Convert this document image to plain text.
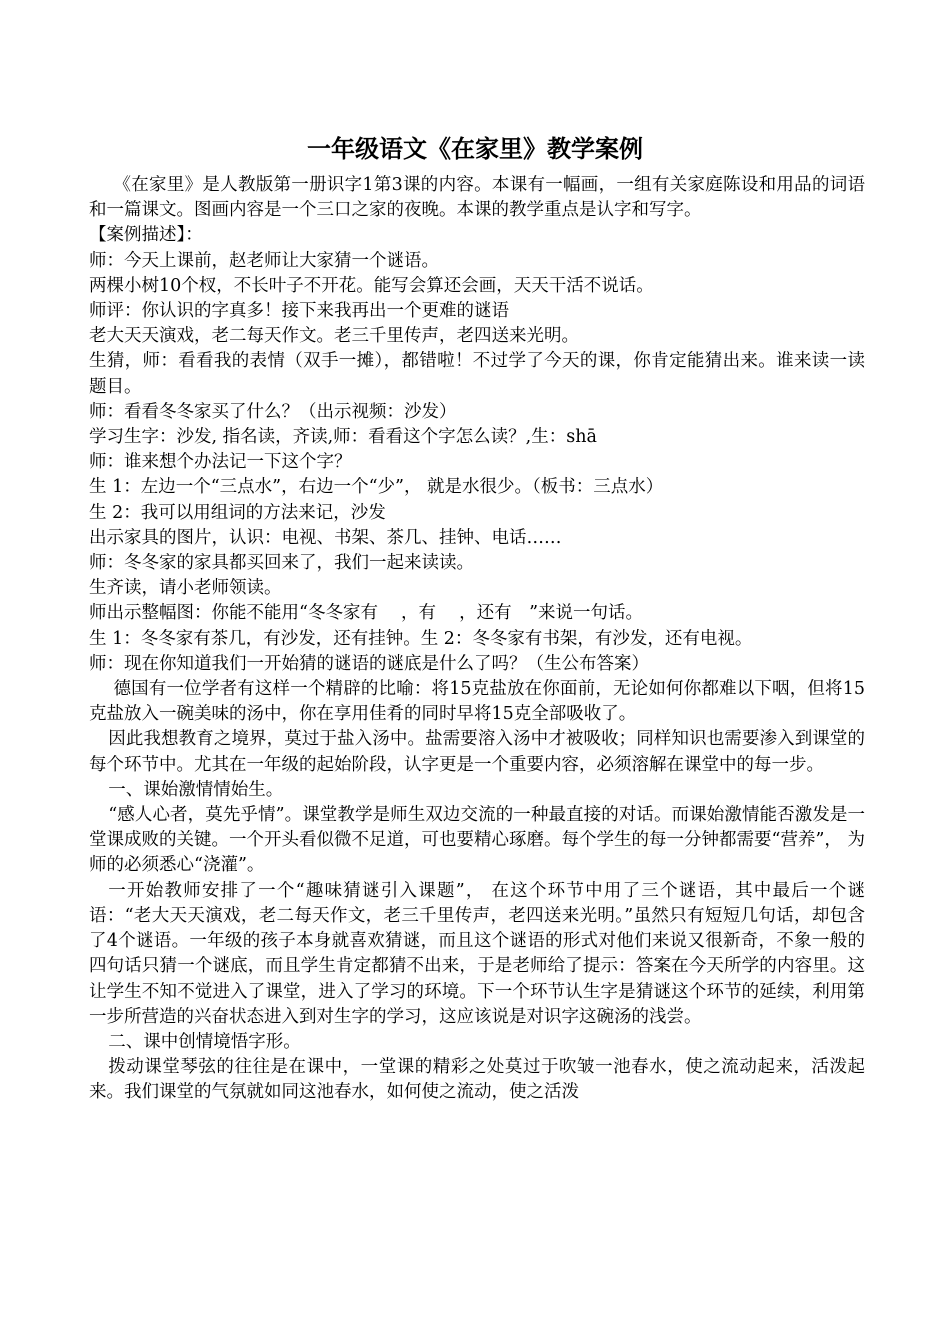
一年级语文《在家里》教学案例

《在家里》是人教版第一册识字1第3课的内容。本课有一幅画，一组有关家庭陈设和用品的词语和一篇课文。图画内容是一个三口之家的夜晚。本课的教学重点是认字和写字。

【案例描述】：

师：今天上课前，赵老师让大家猜一个谜语。

两棵小树10个杈，不长叶子不开花。能写会算还会画，天天干活不说话。

师评：你认识的字真多！接下来我再出一个更难的谜语

老大天天演戏，老二每天作文。老三千里传声，老四送来光明。

生猜，师：看看我的表情（双手一摊），都错啦！不过学了今天的课，你肯定能猜出来。谁来读一读题目。

师：看看冬冬家买了什么？（出示视频：沙发）

学习生字：沙发, 指名读，齐读,师：看看这个字怎么读？,生：shā

师：谁来想个办法记一下这个字？

生 1：左边一个“三点水”，右边一个“少”， 就是水很少。（板书：三点水）

生 2：我可以用组词的方法来记，沙发

出示家具的图片，认识：电视、书架、茶几、挂钟、电话……

师：冬冬家的家具都买回来了，我们一起来读读。

生齐读，请小老师领读。

师出示整幅图：你能不能用“冬冬家有　 ，有　 ，还有　”来说一句话。

生 1：冬冬家有茶几，有沙发，还有挂钟。生 2：冬冬家有书架，有沙发，还有电视。

师：现在你知道我们一开始猜的谜语的谜底是什么了吗？（生公布答案）

德国有一位学者有这样一个精辟的比喻：将15克盐放在你面前，无论如何你都难以下咽，但将15克盐放入一碗美味的汤中，你在享用佳肴的同时早将15克全部吸收了。

因此我想教育之境界，莫过于盐入汤中。盐需要溶入汤中才被吸收；同样知识也需要渗入到课堂的每个环节中。尤其在一年级的起始阶段，认字更是一个重要内容，必须溶解在课堂中的每一步。

一、课始激情情始生。

“感人心者，莫先乎情”。课堂教学是师生双边交流的一种最直接的对话。而课始激情能否激发是一堂课成败的关键。一个开头看似微不足道，可也要精心琢磨。每个学生的每一分钟都需要“营养”， 为师的必须悉心“浇灌”。

一开始教师安排了一个“趣味猜谜引入课题”， 在这个环节中用了三个谜语，其中最后一个谜语：“老大天天演戏，老二每天作文，老三千里传声，老四送来光明。”虽然只有短短几句话，却包含了4个谜语。一年级的孩子本身就喜欢猜谜，而且这个谜语的形式对他们来说又很新奇，不象一般的四句话只猜一个谜底，而且学生肯定都猜不出来，于是老师给了提示：答案在今天所学的内容里。这让学生不知不觉进入了课堂，进入了学习的环境。下一个环节认生字是猜谜这个环节的延续，利用第一步所营造的兴奋状态进入到对生字的学习，这应该说是对识字这碗汤的浅尝。

二、课中创情境悟字形。

拨动课堂琴弦的往往是在课中，一堂课的精彩之处莫过于吹皱一池春水，使之流动起来，活泼起来。我们课堂的气氛就如同这池春水，如何使之流动，使之活泼
